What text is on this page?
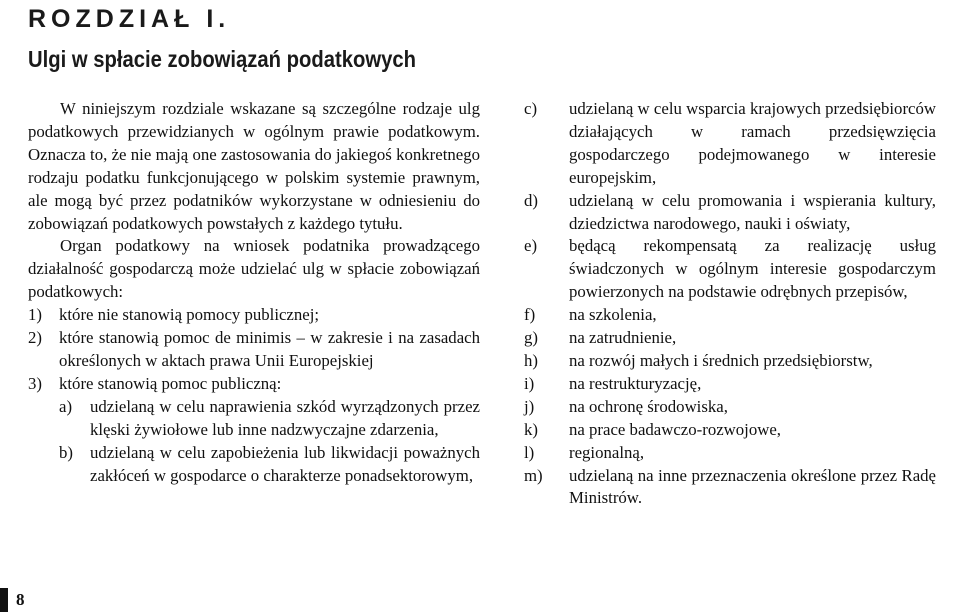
ROZDZIAŁ I.
Ulgi w spłacie zobowiązań podatkowych

W niniejszym rozdziale wskazane są szczególne rodzaje ulg podatkowych przewidzianych w ogólnym prawie podatkowym. Oznacza to, że nie mają one zastosowania do jakiegoś konkretnego rodzaju podatku funkcjonującego w polskim systemie prawnym, ale mogą być przez podatników wykorzystane w odniesieniu do zobowiązań podatkowych powstałych z każdego tytułu.

Organ podatkowy na wniosek podatnika prowadzącego działalność gospodarczą może udzielać ulg w spłacie zobowiązań podatkowych:

1)	które nie stanowią pomocy publicznej;
2)	które stanowią pomoc de minimis – w zakresie i na zasadach określonych w aktach prawa Unii Europejskiej
3)	które stanowią pomoc publiczną:
a)	udzielaną w celu naprawienia szkód wyrządzonych przez klęski żywiołowe lub inne nadzwyczajne zdarzenia,
b)	udzielaną w celu zapobieżenia lub likwidacji poważnych zakłóceń w gospodarce o charakterze ponadsektorowym,
c)	udzielaną w celu wsparcia krajowych przedsiębiorców działających w ramach przedsięwzięcia gospodarczego podejmowanego w interesie europejskim,
d)	udzielaną w celu promowania i wspierania kultury, dziedzictwa narodowego, nauki i oświaty,
e)	będącą rekompensatą za realizację usług świadczonych w ogólnym interesie gospodarczym powierzonych na podstawie odrębnych przepisów,
f)	na szkolenia,
g)	na zatrudnienie,
h)	na rozwój małych i średnich przedsiębiorstw,
i)	na restrukturyzację,
j)	na ochronę środowiska,
k)	na prace badawczo-rozwojowe,
l)	regionalną,
m)	udzielaną na inne przeznaczenia określone przez Radę Ministrów.
8
